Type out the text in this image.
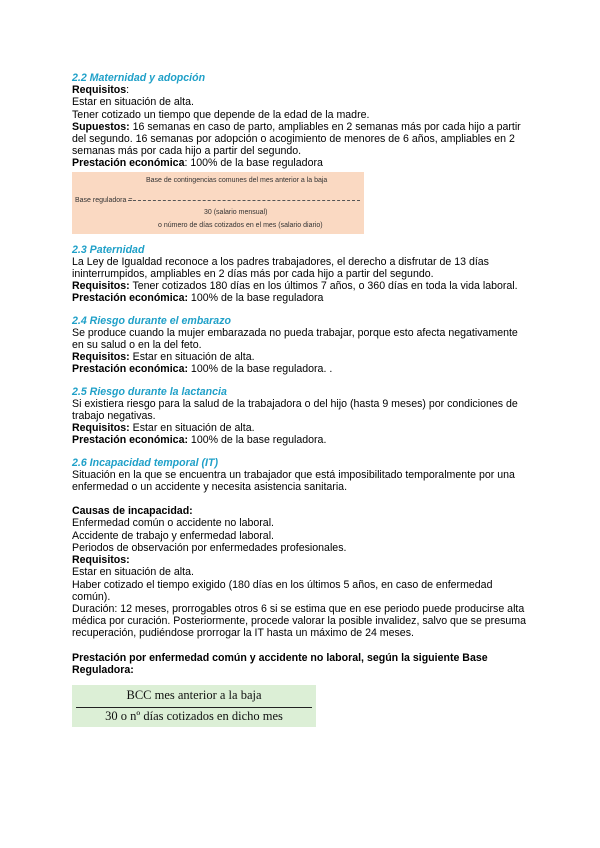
2.2 Maternidad y adopción

Requisitos:

Estar en situación de alta.

Tener cotizado un tiempo que depende de la edad de la madre.

Supuestos: 16 semanas en caso de parto, ampliables en 2 semanas más por cada hijo a partir del segundo. 16 semanas por adopción o acogimiento de menores de 6 años, ampliables en 2 semanas más por cada hijo a partir del segundo.

Prestación económica: 100% de la base reguladora

Base de contingencias comunes del mes anterior a la baja
Base reguladora =
30 (salario mensual)
o número de días cotizados en el mes (salario diario)

2.3 Paternidad

La Ley de Igualdad reconoce a los padres trabajadores, el derecho a disfrutar de 13 días ininterrumpidos, ampliables en 2 días más por cada hijo a partir del segundo.

Requisitos: Tener cotizados 180 días en los últimos 7 años, o 360 días en toda la vida laboral.

Prestación económica: 100% de la base reguladora

2.4 Riesgo durante el embarazo

Se produce cuando la mujer embarazada no pueda trabajar, porque esto afecta negativamente en su salud o en la del feto.

Requisitos: Estar en situación de alta.

Prestación económica: 100% de la base reguladora. .

2.5 Riesgo durante la lactancia

Si existiera riesgo para la salud de la trabajadora o del hijo (hasta 9 meses) por condiciones de trabajo negativas.

Requisitos: Estar en situación de alta.

Prestación económica: 100% de la base reguladora.

2.6 Incapacidad temporal (IT)

Situación en la que se encuentra un trabajador que está imposibilitado temporalmente por una enfermedad o un accidente y necesita asistencia sanitaria.

Causas de incapacidad:

Enfermedad común o accidente no laboral.

Accidente de trabajo y enfermedad laboral.

Periodos de observación por enfermedades profesionales.

Requisitos:

Estar en situación de alta.

Haber cotizado el tiempo exigido (180 días en los últimos 5 años, en caso de enfermedad común).

Duración: 12 meses, prorrogables otros 6 si se estima que en ese periodo puede producirse alta médica por curación. Posteriormente, procede valorar la posible invalidez, salvo que se presuma recuperación, pudiéndose prorrogar la IT hasta un máximo de 24 meses.

Prestación por enfermedad común y accidente no laboral, según la siguiente Base Reguladora:

BCC mes anterior a la baja
30 o nº días cotizados en dicho mes
